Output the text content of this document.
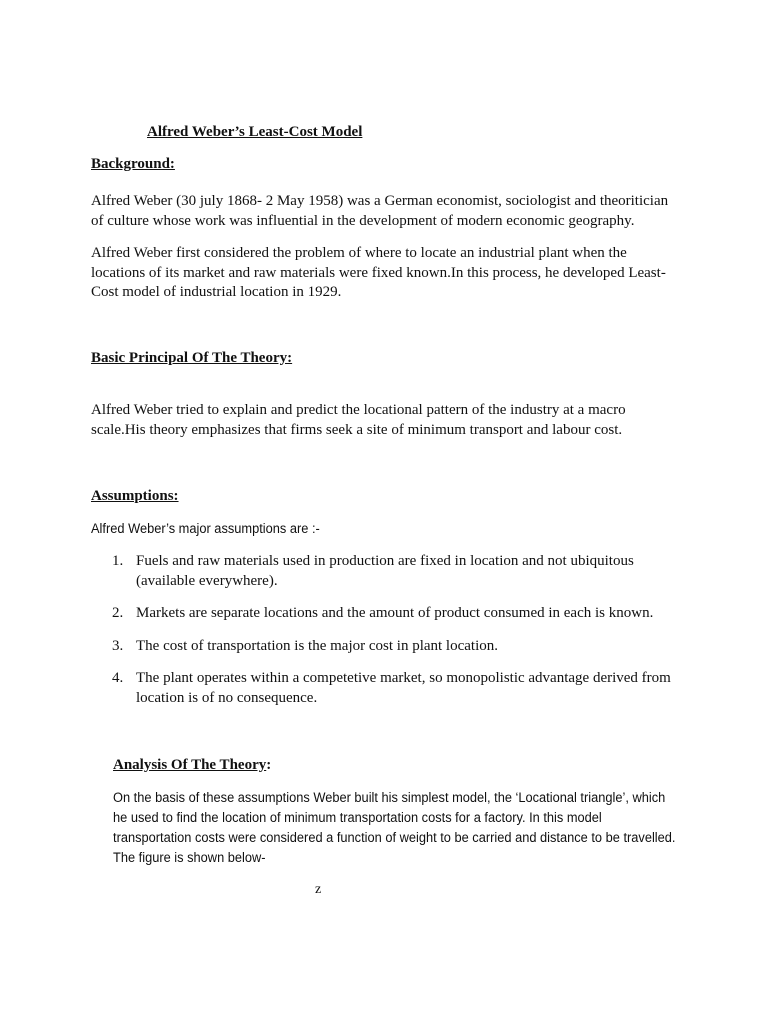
Alfred Weber’s Least-Cost Model

Background:

Alfred Weber (30 july 1868- 2 May 1958) was a German economist, sociologist and theoritician of culture whose work was influential in the development of modern economic geography.

Alfred Weber first considered the problem of where to locate an industrial plant when the locations of its market and raw materials were fixed known.In this process, he developed Least-Cost model of industrial location in 1929.

Basic Principal Of The Theory:

Alfred Weber tried to explain and predict the locational pattern of the industry at a macro scale.His theory emphasizes that firms seek a site of minimum transport and labour cost.

Assumptions:

Alfred Weber’s major assumptions are :-

1. Fuels and raw materials used in production are fixed in location and not ubiquitous (available everywhere).
2. Markets are separate locations and the amount of product consumed in each is known.
3. The cost of transportation is the major cost in plant location.
4. The plant operates within a competetive market, so monopolistic advantage derived from location is of no consequence.

Analysis Of The Theory:

On the basis of these assumptions Weber built his simplest model, the ‘Locational triangle’, which he used to find the location of minimum transportation costs for a factory. In this model transportation costs were considered a function of weight to be carried and distance to be travelled. The figure is shown below-

z
